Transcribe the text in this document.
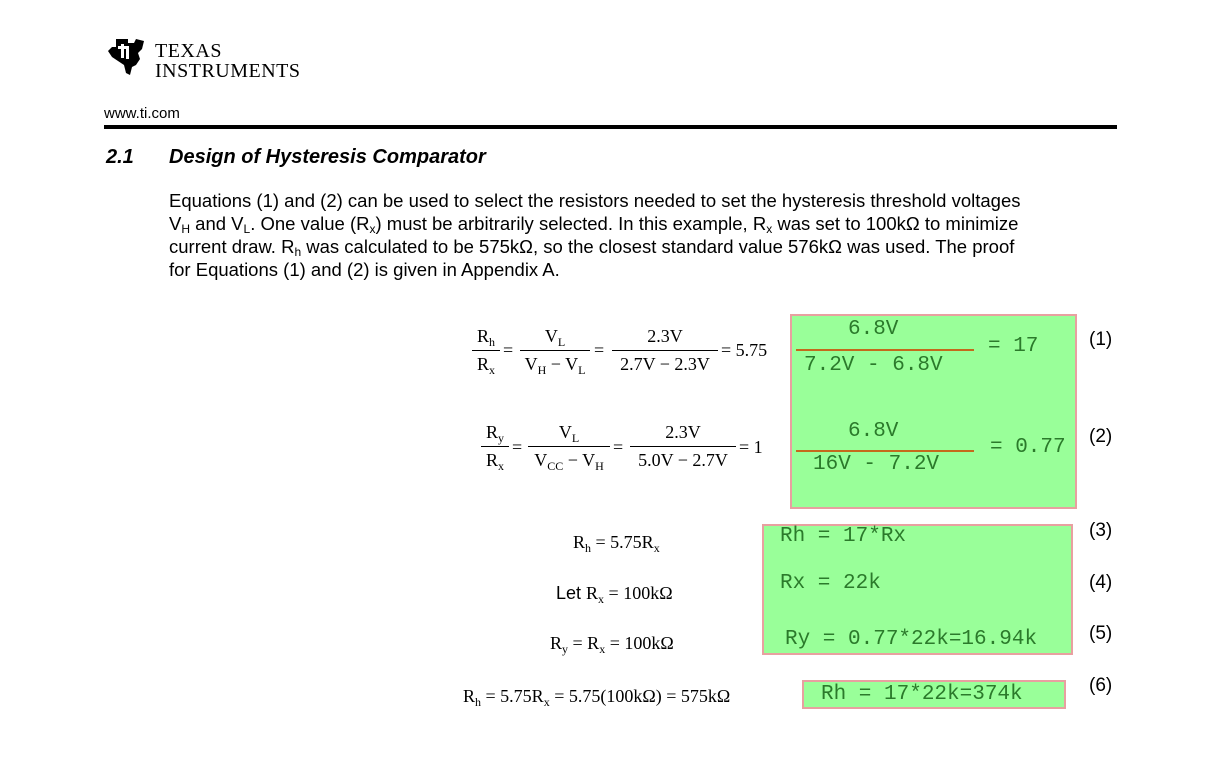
TEXAS
INSTRUMENTS
www.ti.com
2.1 Design of Hysteresis Comparator
Equations (1) and (2) can be used to select the resistors needed to set the hysteresis threshold voltages
$V_H$ and $V_L$. One value $(R_x)$ must be arbitrarily selected. In this example, $R_x$ was set to 100kΩ to minimize
current draw. $R_h$ was calculated to be 575kΩ, so the closest standard value 576kΩ was used. The proof
for Equations (1) and (2) is given in Appendix A.
$R_h$
$R_x$
=
$V_L$
$V_H - V_L$
=
2.3V
2.7V − 2.3V
= 5.75
$R_y$
$R_x$
=
$V_L$
$V_{CC} - V_H$
=
2.3V
5.0V − 2.7V
= 1
$R_h = 5.75R_x$
Let $R_x = 100k\Omega$
$R_y = R_x = 100k\Omega$
$R_h = 5.75R_x = 5.75(100k\Omega) = 575k\Omega$
6.8V
7.2V - 6.8V
= 17
6.8V
16V - 7.2V
= 0.77
Rh = 17*Rx
Rx = 22k
Ry = 0.77*22k=16.94k
Rh = 17*22k=374k
(1)
(2)
(3)
(4)
(5)
(6)
